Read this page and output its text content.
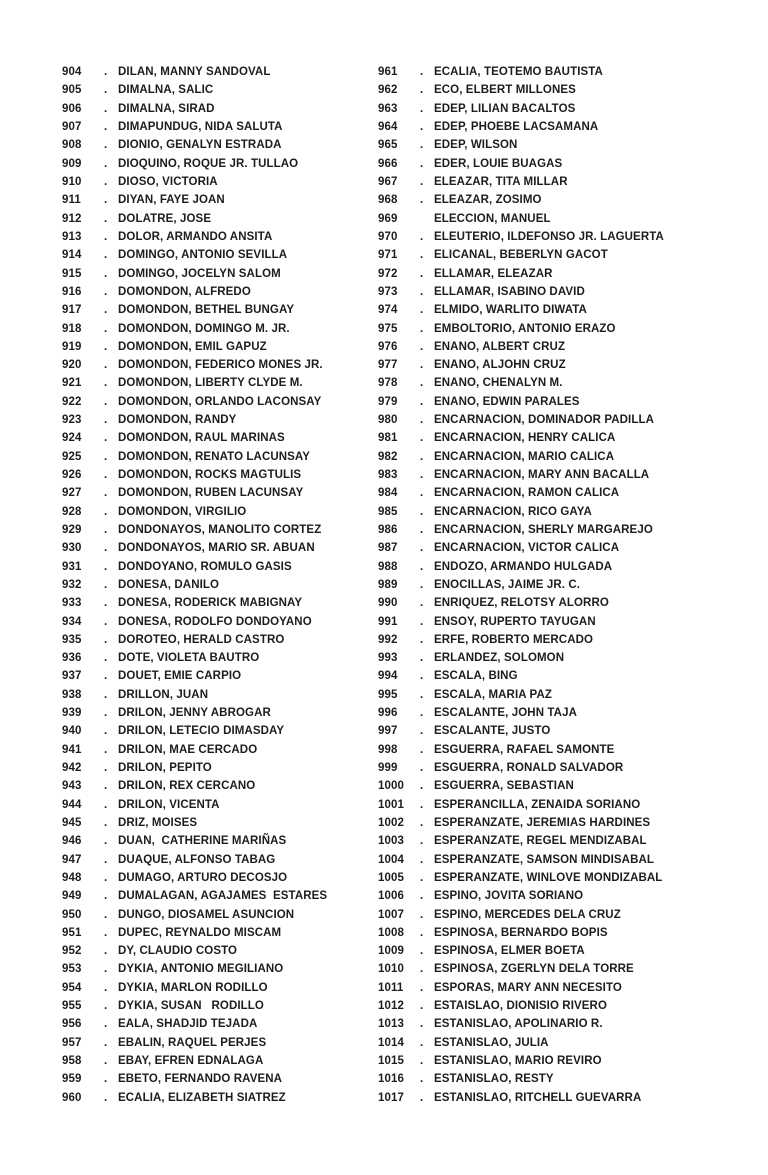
904	. DILAN, MANNY SANDOVAL
905	. DIMALNA, SALIC
906	. DIMALNA, SIRAD
907	. DIMAPUNDUG, NIDA SALUTA
908	. DIONIO, GENALYN ESTRADA
909	. DIOQUINO, ROQUE JR. TULLAO
910	. DIOSO, VICTORIA
911	. DIYAN, FAYE JOAN
912	. DOLATRE, JOSE
913	. DOLOR, ARMANDO ANSITA
914	. DOMINGO, ANTONIO SEVILLA
915	. DOMINGO, JOCELYN SALOM
916	. DOMONDON, ALFREDO
917	. DOMONDON, BETHEL BUNGAY
918	. DOMONDON, DOMINGO M. JR.
919	. DOMONDON, EMIL GAPUZ
920	. DOMONDON, FEDERICO MONES JR.
921	. DOMONDON, LIBERTY CLYDE M.
922	. DOMONDON, ORLANDO LACONSAY
923	. DOMONDON, RANDY
924	. DOMONDON, RAUL MARINAS
925	. DOMONDON, RENATO LACUNSAY
926	. DOMONDON, ROCKS MAGTULIS
927	. DOMONDON, RUBEN LACUNSAY
928	. DOMONDON, VIRGILIO
929	. DONDONAYOS, MANOLITO CORTEZ
930	. DONDONAYOS, MARIO SR. ABUAN
931	. DONDOYANO, ROMULO GASIS
932	. DONESA, DANILO
933	. DONESA, RODERICK MABIGNAY
934	. DONESA, RODOLFO DONDOYANO
935	. DOROTEO, HERALD CASTRO
936	. DOTE, VIOLETA BAUTRO
937	. DOUET, EMIE CARPIO
938	. DRILLON, JUAN
939	. DRILON, JENNY ABROGAR
940	. DRILON, LETECIO DIMASDAY
941	. DRILON, MAE CERCADO
942	. DRILON, PEPITO
943	. DRILON, REX CERCANO
944	. DRILON, VICENTA
945	. DRIZ, MOISES
946	. DUAN,  CATHERINE MARIÑAS
947	. DUAQUE, ALFONSO TABAG
948	. DUMAGO, ARTURO DECOSJO
949	. DUMALAGAN, AGAJAMES  ESTARES
950	. DUNGO, DIOSAMEL ASUNCION
951	. DUPEC, REYNALDO MISCAM
952	. DY, CLAUDIO COSTO
953	. DYKIA, ANTONIO MEGILIANO
954	. DYKIA, MARLON RODILLO
955	. DYKIA, SUSAN   RODILLO
956	. EALA, SHADJID TEJADA
957	. EBALIN, RAQUEL PERJES
958	. EBAY, EFREN EDNALAGA
959	. EBETO, FERNANDO RAVENA
960	. ECALIA, ELIZABETH SIATREZ
961	. ECALIA, TEOTEMO BAUTISTA
962	. ECO, ELBERT MILLONES
963	. EDEP, LILIAN BACALTOS
964	. EDEP, PHOEBE LACSAMANA
965	. EDEP, WILSON
966	. EDER, LOUIE BUAGAS
967	. ELEAZAR, TITA MILLAR
968	. ELEAZAR, ZOSIMO
969	ELECCION, MANUEL
970	. ELEUTERIO, ILDEFONSO JR. LAGUERTA
971	. ELICANAL, BEBERLYN GACOT
972	. ELLAMAR, ELEAZAR
973	. ELLAMAR, ISABINO DAVID
974	. ELMIDO, WARLITO DIWATA
975	. EMBOLTORIO, ANTONIO ERAZO
976	. ENANO, ALBERT CRUZ
977	. ENANO, ALJOHN CRUZ
978	. ENANO, CHENALYN M.
979	. ENANO, EDWIN PARALES
980	. ENCARNACION, DOMINADOR PADILLA
981	. ENCARNACION, HENRY CALICA
982	. ENCARNACION, MARIO CALICA
983	. ENCARNACION, MARY ANN BACALLA
984	. ENCARNACION, RAMON CALICA
985	. ENCARNACION, RICO GAYA
986	. ENCARNACION, SHERLY MARGAREJO
987	. ENCARNACION, VICTOR CALICA
988	. ENDOZO, ARMANDO HULGADA
989	. ENOCILLAS, JAIME JR. C.
990	. ENRIQUEZ, RELOTSY ALORRO
991	. ENSOY, RUPERTO TAYUGAN
992	. ERFE, ROBERTO MERCADO
993	. ERLANDEZ, SOLOMON
994	. ESCALA, BING
995	. ESCALA, MARIA PAZ
996	. ESCALANTE, JOHN TAJA
997	. ESCALANTE, JUSTO
998	. ESGUERRA, RAFAEL SAMONTE
999	. ESGUERRA, RONALD SALVADOR
1000	. ESGUERRA, SEBASTIAN
1001	. ESPERANCILLA, ZENAIDA SORIANO
1002	. ESPERANZATE, JEREMIAS HARDINES
1003	. ESPERANZATE, REGEL MENDIZABAL
1004	. ESPERANZATE, SAMSON MINDISABAL
1005	. ESPERANZATE, WINLOVE MONDIZABAL
1006	. ESPINO, JOVITA SORIANO
1007	. ESPINO, MERCEDES DELA CRUZ
1008	. ESPINOSA, BERNARDO BOPIS
1009	. ESPINOSA, ELMER BOETA
1010	. ESPINOSA, ZGERLYN DELA TORRE
1011	. ESPORAS, MARY ANN NECESITO
1012	. ESTAISLAO, DIONISIO RIVERO
1013	. ESTANISLAO, APOLINARIO R.
1014	. ESTANISLAO, JULIA
1015	. ESTANISLAO, MARIO REVIRO
1016	. ESTANISLAO, RESTY
1017	. ESTANISLAO, RITCHELL GUEVARRA
